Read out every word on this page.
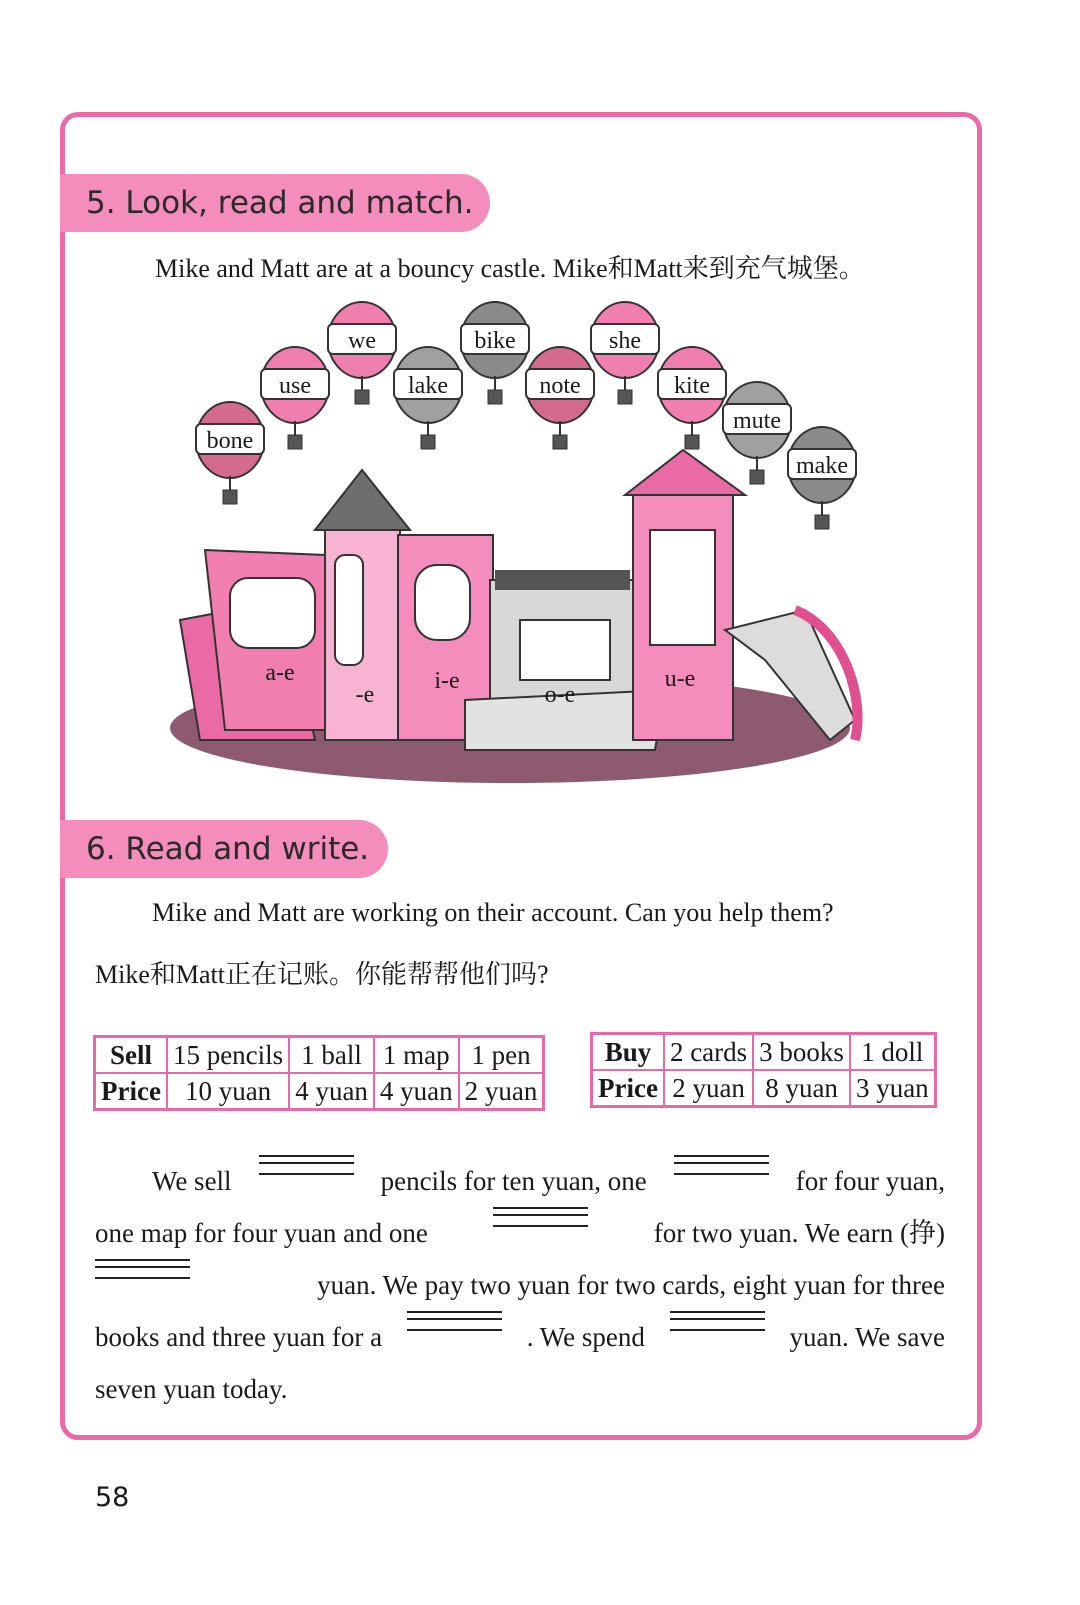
5. Look, read and match.
Mike and Matt are at a bouncy castle. Mike和Matt来到充气城堡。
a-e
-e
i-e
o-e
u-e
bone
use
we
lake
bike
note
she
kite
mute
make
6. Read and write.
Mike and Matt are working on their account. Can you help them?
Mike和Matt正在记账。你能帮帮他们吗?
Sell	15 pencils	1 ball	1 map	1 pen
Price	10 yuan	4 yuan	4 yuan	2 yuan
Buy	2 cards	3 books	1 doll
Price	2 yuan	8 yuan	3 yuan
We sell	pencils for ten yuan, one	for four yuan,
one map for four yuan and one	for two yuan. We earn (挣)
yuan. We pay two yuan for two cards, eight yuan for three
books and three yuan for a	. We spend	yuan. We save
seven yuan today.
58
